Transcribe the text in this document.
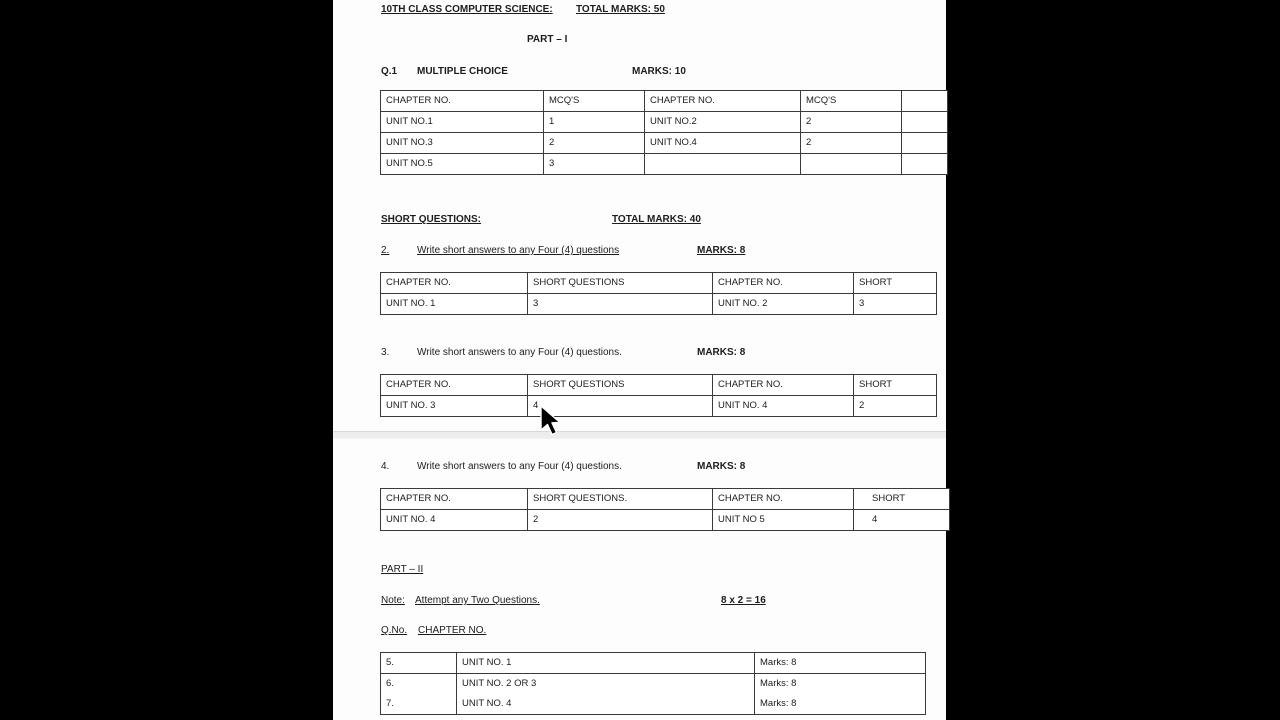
10TH CLASS COMPUTER SCIENCE: TOTAL MARKS: 50
PART – I
Q.1 MULTIPLE CHOICE	MARKS: 10
CHAPTER NO.	MCQ'S	CHAPTER NO.	MCQ'S	
UNIT NO.1	1	UNIT NO.2	2	
UNIT NO.3	2	UNIT NO.4	2	
UNIT NO.5	3			
SHORT QUESTIONS:	TOTAL MARKS: 40
2.	Write short answers to any Four (4) questions	MARKS: 8
CHAPTER NO.	SHORT QUESTIONS	CHAPTER NO.	SHORT
UNIT NO. 1	3	UNIT NO. 2	3
3.	Write short answers to any Four (4) questions.	MARKS: 8
CHAPTER NO.	SHORT QUESTIONS	CHAPTER NO.	SHORT
UNIT NO. 3	4	UNIT NO. 4	2
4.	Write short answers to any Four (4) questions.	MARKS: 8
CHAPTER NO.	SHORT QUESTIONS.	CHAPTER NO.	SHORT
UNIT NO. 4	2	UNIT NO 5	4
PART – II
Note: Attempt any Two Questions.	8 x 2 = 16
Q.No. CHAPTER NO.
5.	UNIT NO. 1	Marks: 8
6.	UNIT NO. 2 OR 3	Marks: 8
7.	UNIT NO. 4	Marks: 8
